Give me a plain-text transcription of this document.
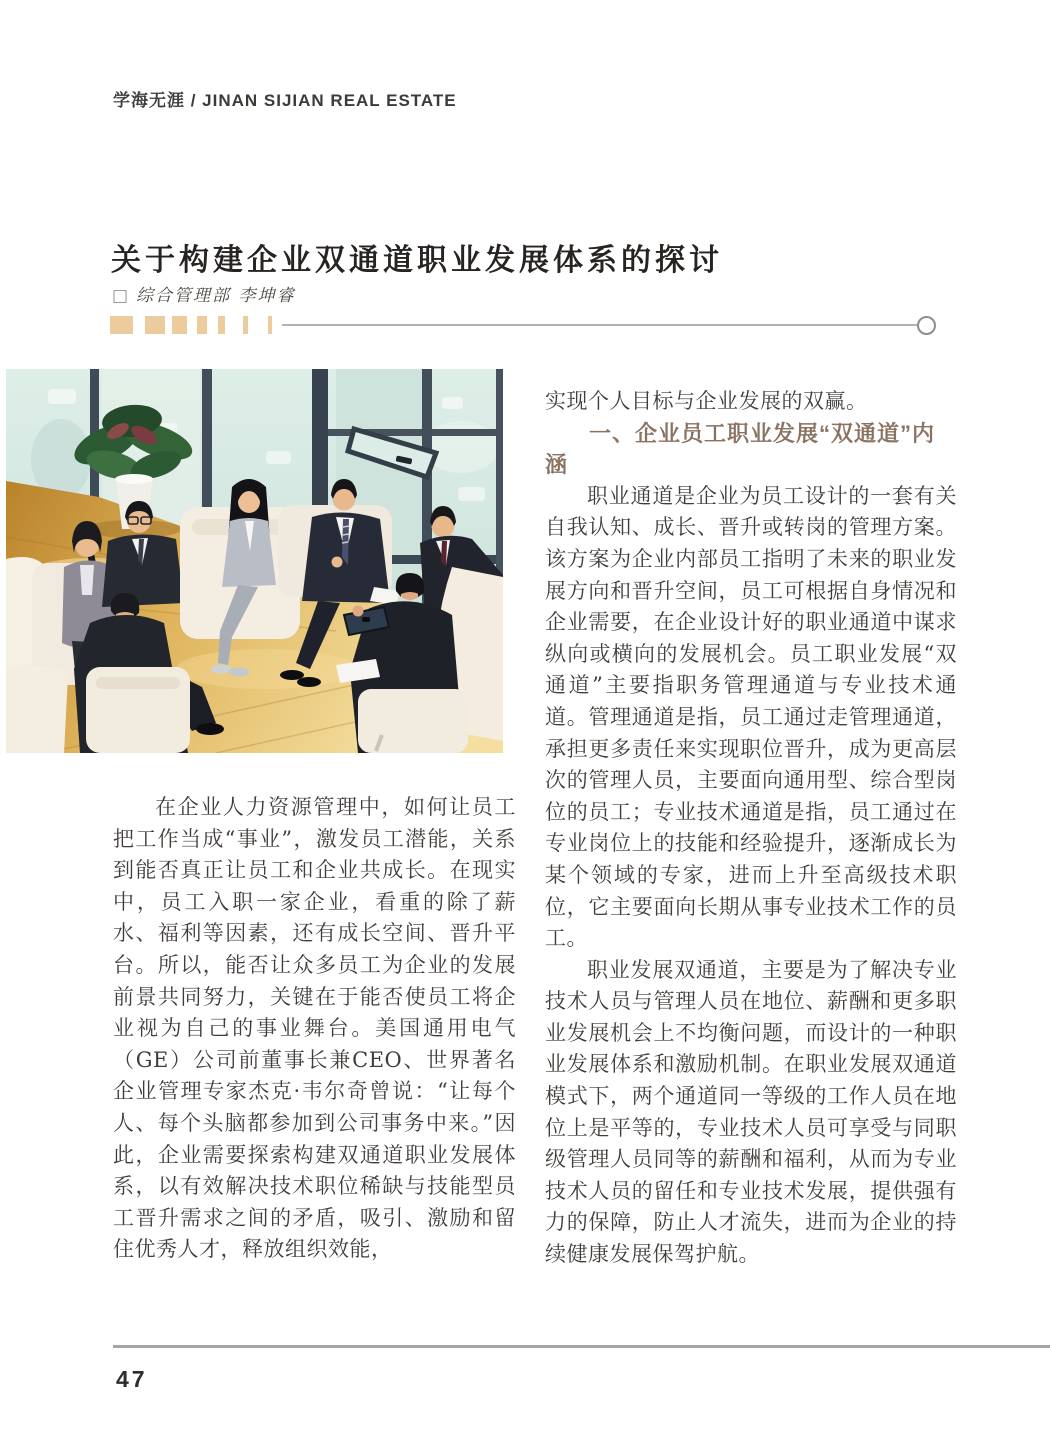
学海无涯 / JINAN SIJIAN REAL ESTATE
关于构建企业双通道职业发展体系的探讨
□ 综合管理部 李坤睿

在企业人力资源管理中，如何让员工把工作当成“事业”，激发员工潜能，关系到能否真正让员工和企业共成长。在现实中，员工入职一家企业，看重的除了薪水、福利等因素，还有成长空间、晋升平台。所以，能否让众多员工为企业的发展前景共同努力，关键在于能否使员工将企业视为自己的事业舞台。美国通用电气（GE）公司前董事长兼CEO、世界著名企业管理专家杰克·韦尔奇曾说：“让每个人、每个头脑都参加到公司事务中来。”因此，企业需要探索构建双通道职业发展体系，以有效解决技术职位稀缺与技能型员工晋升需求之间的矛盾，吸引、激励和留住优秀人才，释放组织效能，

实现个人目标与企业发展的双赢。

一、企业员工职业发展“双通道”内涵

职业通道是企业为员工设计的一套有关自我认知、成长、晋升或转岗的管理方案。该方案为企业内部员工指明了未来的职业发展方向和晋升空间，员工可根据自身情况和企业需要，在企业设计好的职业通道中谋求纵向或横向的发展机会。员工职业发展“双通道”主要指职务管理通道与专业技术通道。管理通道是指，员工通过走管理通道，承担更多责任来实现职位晋升，成为更高层次的管理人员，主要面向通用型、综合型岗位的员工；专业技术通道是指，员工通过在专业岗位上的技能和经验提升，逐渐成长为某个领域的专家，进而上升至高级技术职位，它主要面向长期从事专业技术工作的员工。

职业发展双通道，主要是为了解决专业技术人员与管理人员在地位、薪酬和更多职业发展机会上不均衡问题，而设计的一种职业发展体系和激励机制。在职业发展双通道模式下，两个通道同一等级的工作人员在地位上是平等的，专业技术人员可享受与同职级管理人员同等的薪酬和福利，从而为专业技术人员的留任和专业技术发展，提供强有力的保障，防止人才流失，进而为企业的持续健康发展保驾护航。

47
